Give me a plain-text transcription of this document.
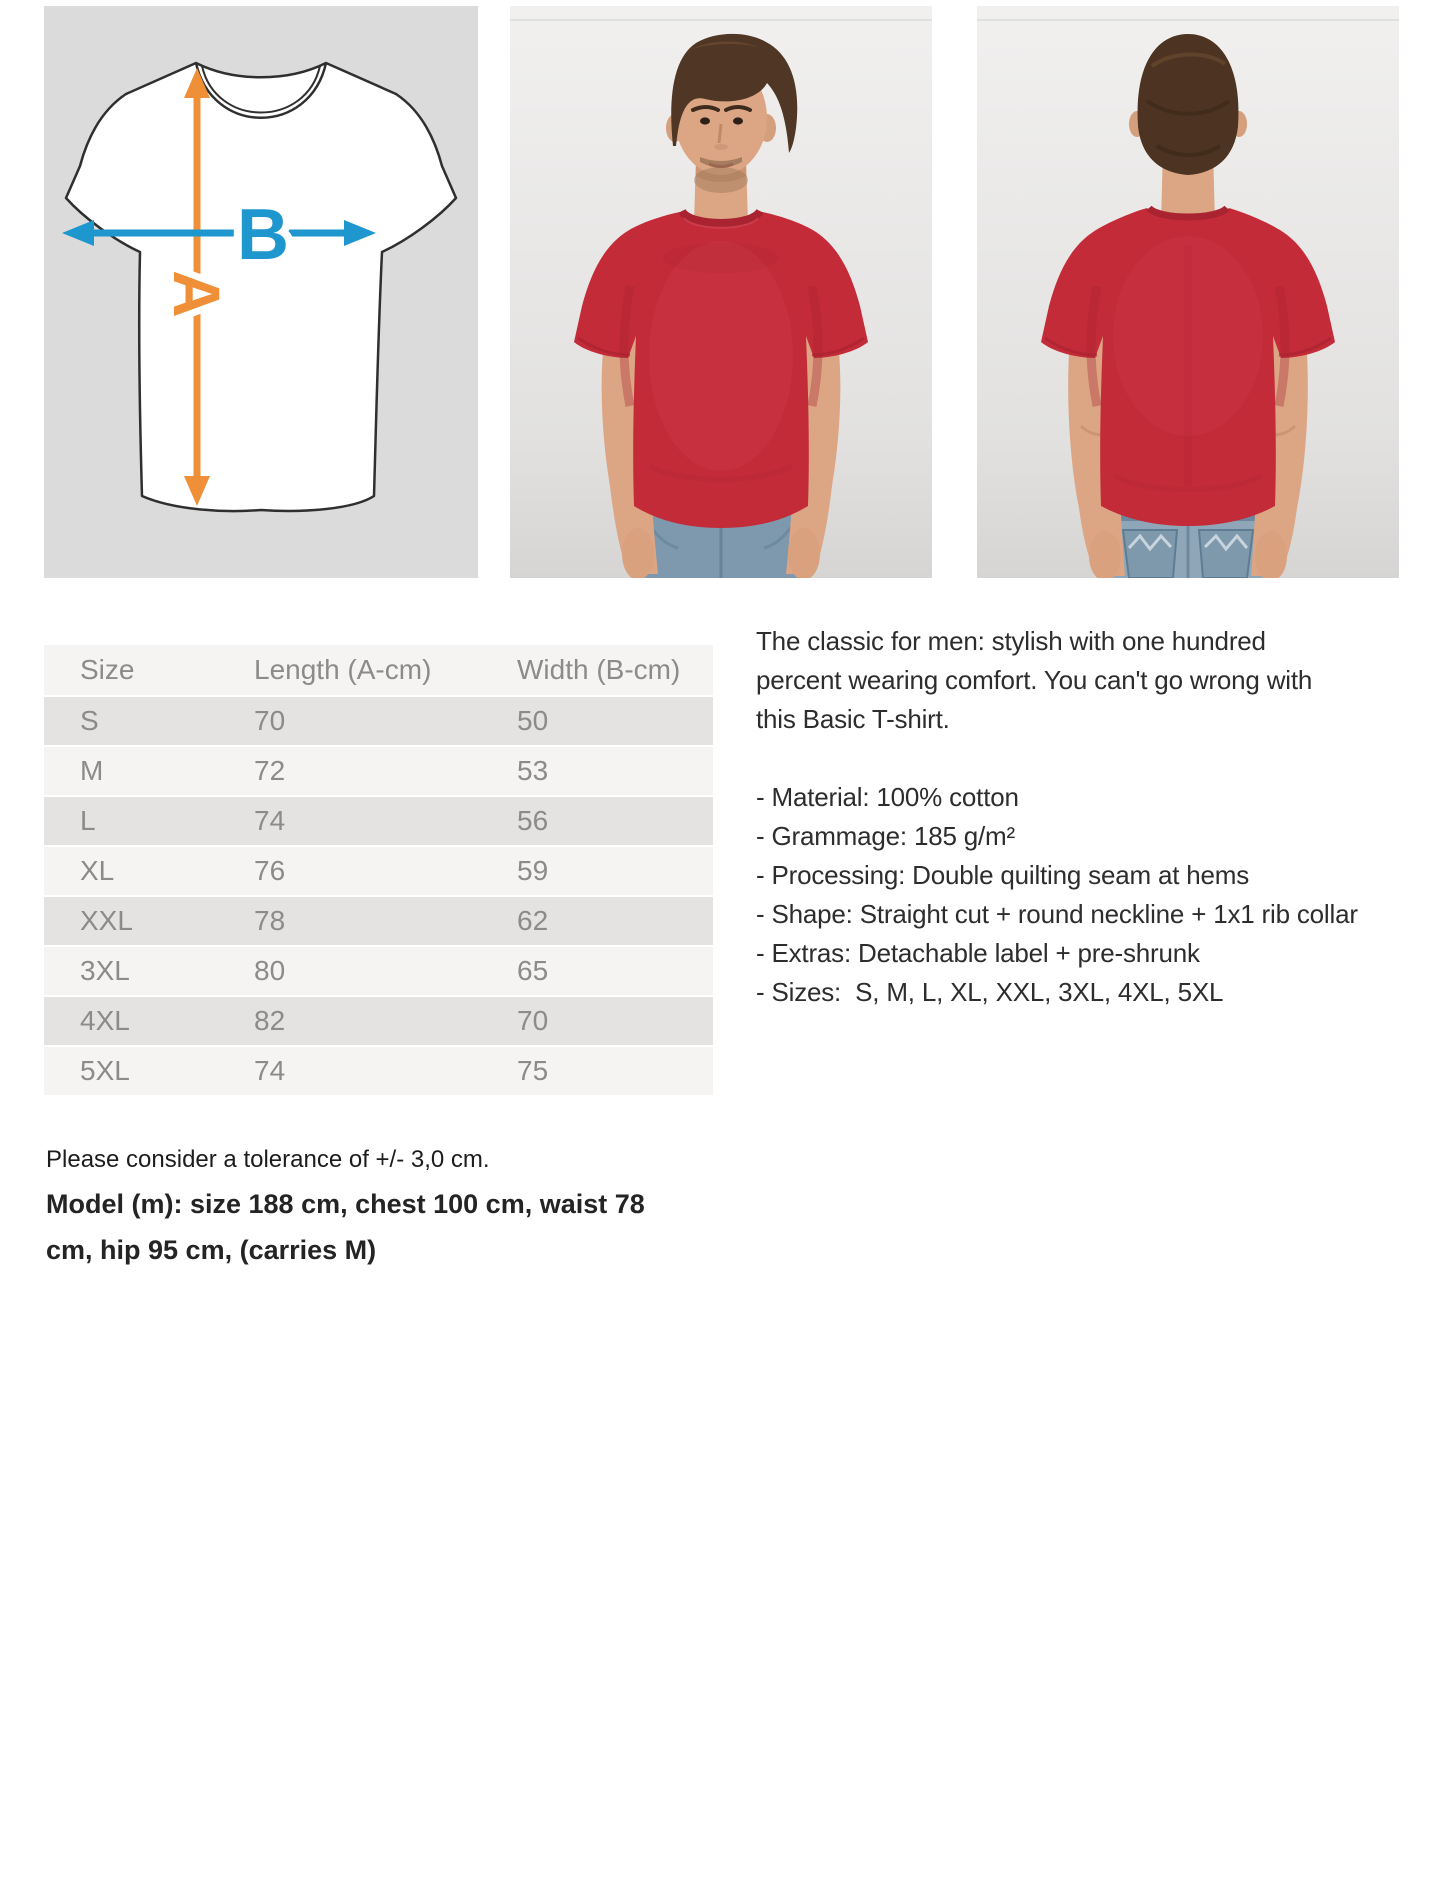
A
B
Size	Length (A-cm)	Width (B-cm)
S	70	50
M	72	53
L	74	56
XL	76	59
XXL	78	62
3XL	80	65
4XL	82	70
5XL	74	75
The classic for men: stylish with one hundred
percent wearing comfort. You can't go wrong with
this Basic T-shirt.
- Material: 100% cotton
- Grammage: 185 g/m²
- Processing: Double quilting seam at hems
- Shape: Straight cut + round neckline + 1x1 rib collar
- Extras: Detachable label + pre-shrunk
- Sizes:  S, M, L, XL, XXL, 3XL, 4XL, 5XL
Please consider a tolerance of +/- 3,0 cm.
Model (m): size 188 cm, chest 100 cm, waist 78
cm, hip 95 cm, (carries M)
